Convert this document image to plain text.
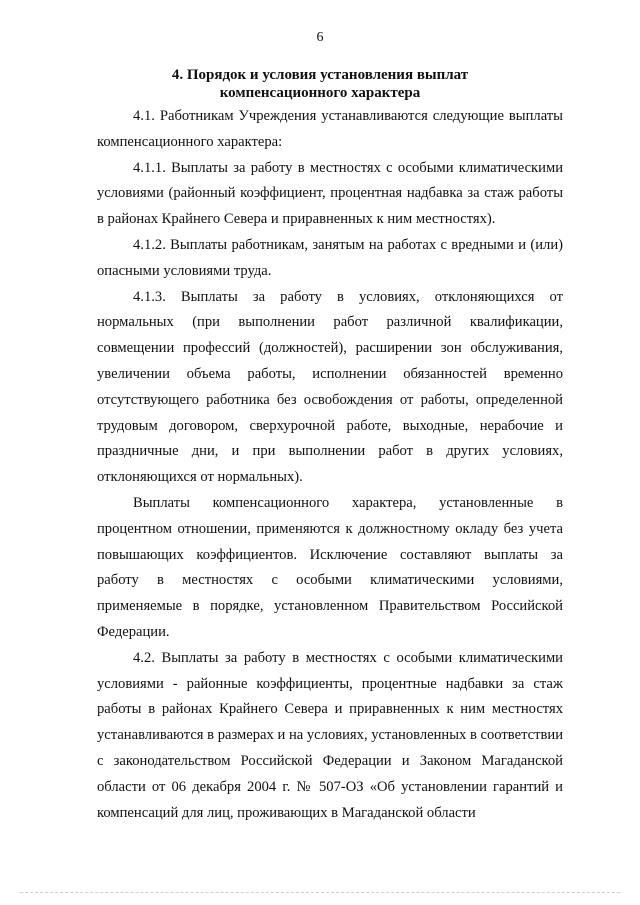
6
4. Порядок и условия установления выплат
компенсационного характера

4.1. Работникам Учреждения устанавливаются следующие выплаты компенсационного характера:

4.1.1. Выплаты за работу в местностях с особыми климатическими условиями (районный коэффициент, процентная надбавка за стаж работы в районах Крайнего Севера и приравненных к ним местностях).

4.1.2. Выплаты работникам, занятым на работах с вредными и (или) опасными условиями труда.

4.1.3. Выплаты за работу в условиях, отклоняющихся от нормальных (при выполнении работ различной квалификации, совмещении профессий (должностей), расширении зон обслуживания, увеличении объема работы, исполнении обязанностей временно отсутствующего работника без освобождения от работы, определенной трудовым договором, сверхурочной работе, выходные, нерабочие и праздничные дни, и при выполнении работ в других условиях, отклоняющихся от нормальных).

Выплаты компенсационного характера, установленные в процентном отношении, применяются к должностному окладу без учета повышающих коэффициентов. Исключение составляют выплаты за работу в местностях с особыми климатическими условиями, применяемые в порядке, установленном Правительством Российской Федерации.

4.2. Выплаты за работу в местностях с особыми климатическими условиями - районные коэффициенты, процентные надбавки за стаж работы в районах Крайнего Севера и приравненных к ним местностях устанавливаются в размерах и на условиях, установленных в соответствии с законодательством Российской Федерации и Законом Магаданской области от 06 декабря 2004 г. № 507-ОЗ «Об установлении гарантий и компенсаций для лиц, проживающих в Магаданской области
